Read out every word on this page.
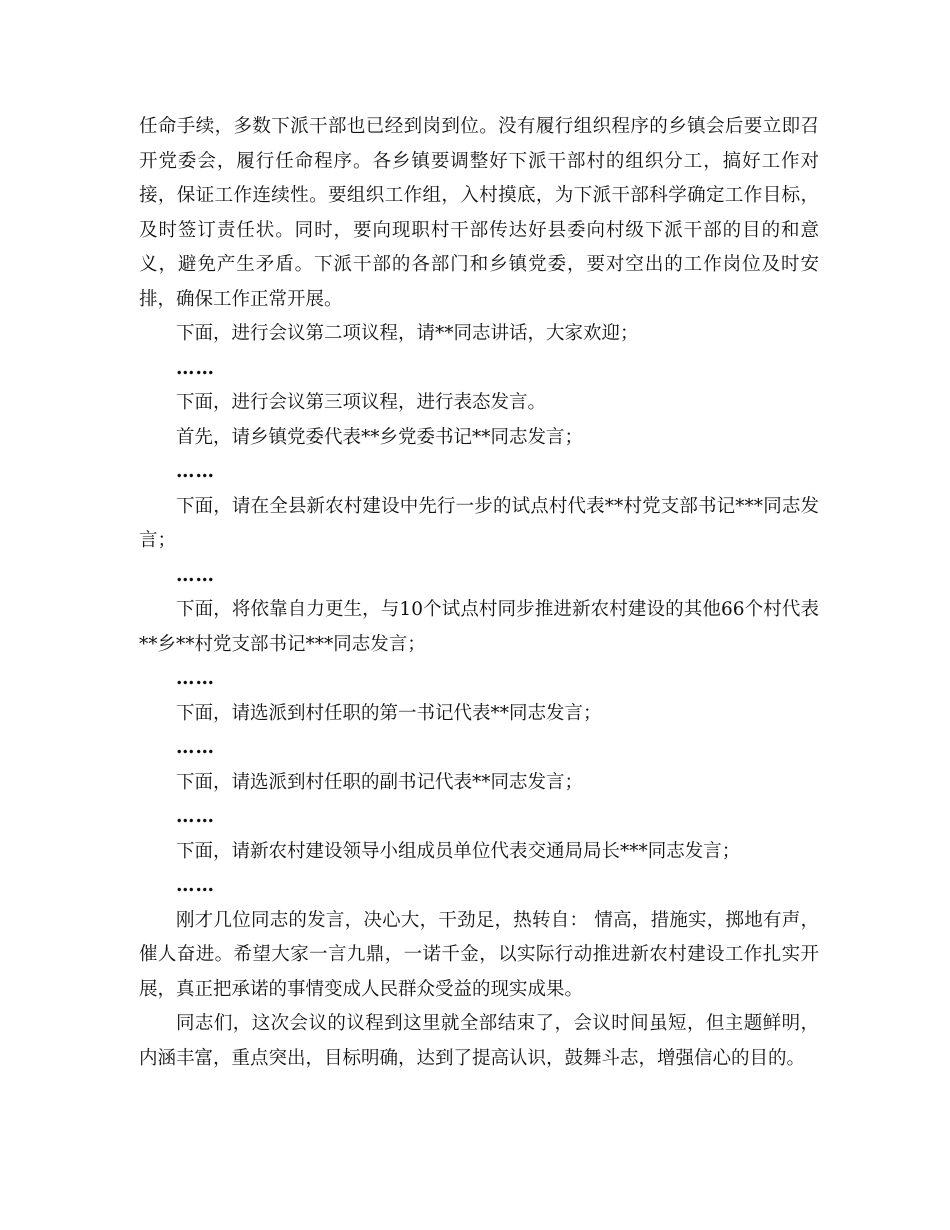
任命手续，多数下派干部也已经到岗到位。没有履行组织程序的乡镇会后要立即召开党委会，履行任命程序。各乡镇要调整好下派干部村的组织分工，搞好工作对接，保证工作连续性。要组织工作组，入村摸底，为下派干部科学确定工作目标，及时签订责任状。同时，要向现职村干部传达好县委向村级下派干部的目的和意义，避免产生矛盾。下派干部的各部门和乡镇党委，要对空出的工作岗位及时安排，确保工作正常开展。

下面，进行会议第二项议程，请**同志讲话，大家欢迎；

……

下面，进行会议第三项议程，进行表态发言。

首先，请乡镇党委代表**乡党委书记**同志发言；

……

下面，请在全县新农村建设中先行一步的试点村代表**村党支部书记***同志发言；

……

下面，将依靠自力更生，与10个试点村同步推进新农村建设的其他66个村代表**乡**村党支部书记***同志发言；

……

下面，请选派到村任职的第一书记代表**同志发言；

……

下面，请选派到村任职的副书记代表**同志发言；

……

下面，请新农村建设领导小组成员单位代表交通局局长***同志发言；

……

刚才几位同志的发言，决心大，干劲足，热转自： 情高，措施实，掷地有声，催人奋进。希望大家一言九鼎，一诺千金，以实际行动推进新农村建设工作扎实开展，真正把承诺的事情变成人民群众受益的现实成果。

同志们，这次会议的议程到这里就全部结束了，会议时间虽短，但主题鲜明，内涵丰富，重点突出，目标明确，达到了提高认识，鼓舞斗志，增强信心的目的。
